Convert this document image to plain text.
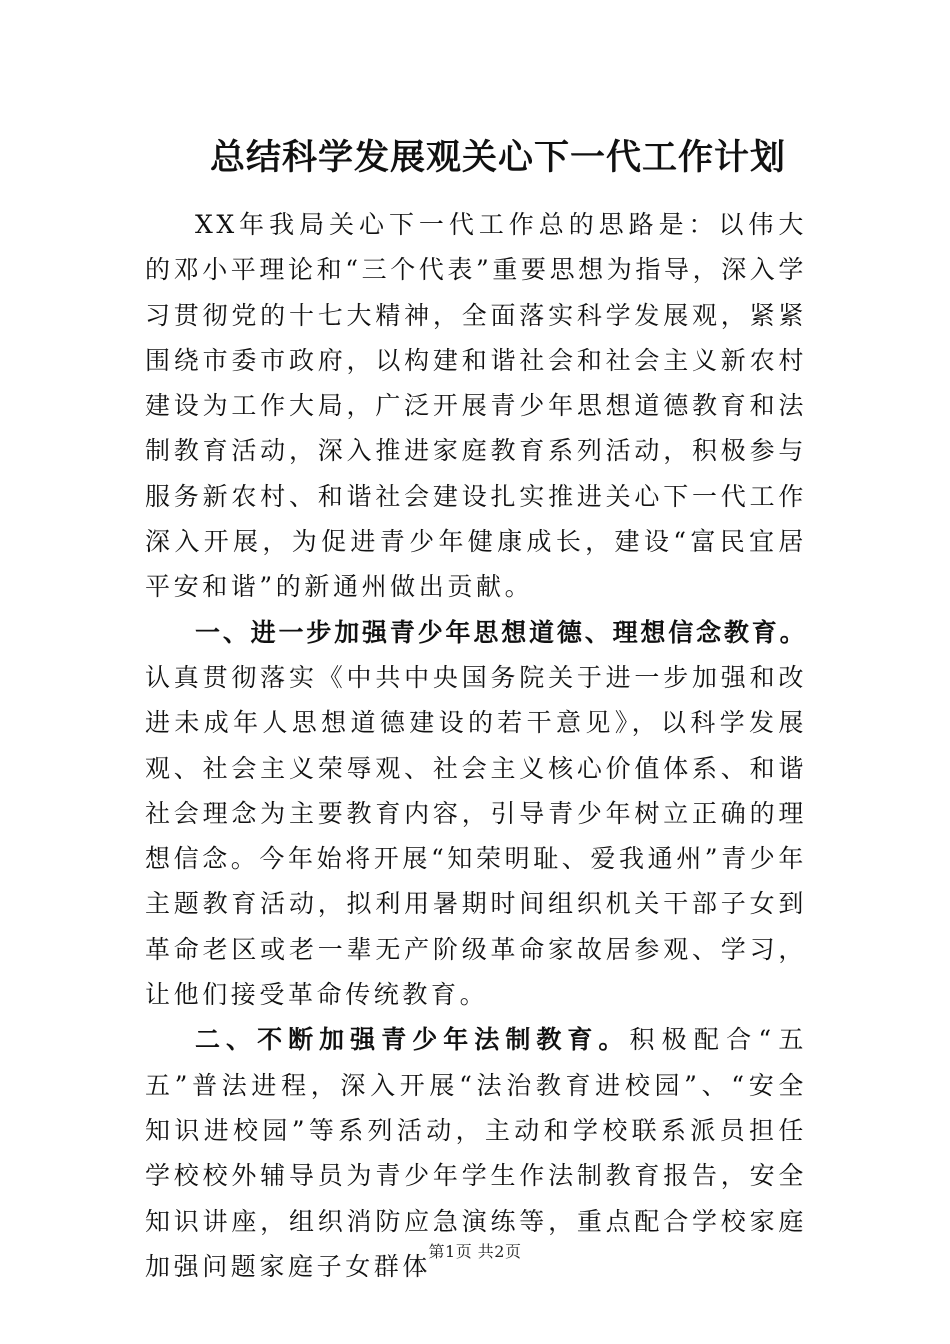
总结科学发展观关心下一代工作计划

XX年我局关心下一代工作总的思路是：以伟大的邓小平理论和“三个代表”重要思想为指导，深入学习贯彻党的十七大精神，全面落实科学发展观，紧紧围绕市委市政府，以构建和谐社会和社会主义新农村建设为工作大局，广泛开展青少年思想道德教育和法制教育活动，深入推进家庭教育系列活动，积极参与服务新农村、和谐社会建设扎实推进关心下一代工作深入开展，为促进青少年健康成长，建设“富民宜居平安和谐”的新通州做出贡献。

一、进一步加强青少年思想道德、理想信念教育。认真贯彻落实《中共中央国务院关于进一步加强和改进未成年人思想道德建设的若干意见》，以科学发展观、社会主义荣辱观、社会主义核心价值体系、和谐社会理念为主要教育内容，引导青少年树立正确的理想信念。今年始将开展“知荣明耻、爱我通州”青少年主题教育活动，拟利用暑期时间组织机关干部子女到革命老区或老一辈无产阶级革命家故居参观、学习，让他们接受革命传统教育。

二、不断加强青少年法制教育。积极配合“五五”普法进程，深入开展“法治教育进校园”、“安全知识进校园”等系列活动，主动和学校联系派员担任学校校外辅导员为青少年学生作法制教育报告，安全知识讲座，组织消防应急演练等，重点配合学校家庭加强问题家庭子女群体

第1页 共2页
